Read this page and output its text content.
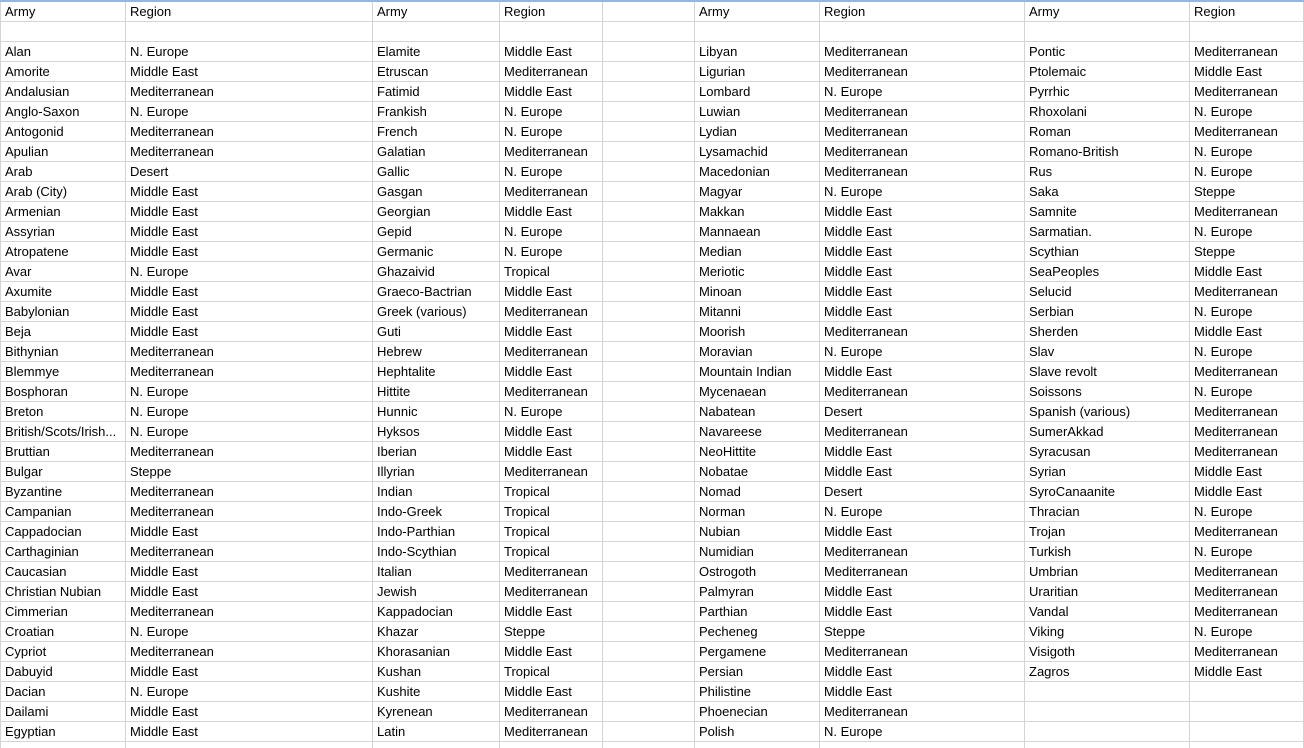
Army	Region	Army	Region	Army	Region	Army	Region
Alan	N. Europe	Elamite	Middle East	Libyan	Mediterranean	Pontic	Mediterranean
Amorite	Middle East	Etruscan	Mediterranean	Ligurian	Mediterranean	Ptolemaic	Middle East
Andalusian	Mediterranean	Fatimid	Middle East	Lombard	N. Europe	Pyrrhic	Mediterranean
Anglo-Saxon	N. Europe	Frankish	N. Europe	Luwian	Mediterranean	Rhoxolani	N. Europe
Antogonid	Mediterranean	French	N. Europe	Lydian	Mediterranean	Roman	Mediterranean
Apulian	Mediterranean	Galatian	Mediterranean	Lysamachid	Mediterranean	Romano-British	N. Europe
Arab	Desert	Gallic	N. Europe	Macedonian	Mediterranean	Rus	N. Europe
Arab (City)	Middle East	Gasgan	Mediterranean	Magyar	N. Europe	Saka	Steppe
Armenian	Middle East	Georgian	Middle East	Makkan	Middle East	Samnite	Mediterranean
Assyrian	Middle East	Gepid	N. Europe	Mannaean	Middle East	Sarmatian.	N. Europe
Atropatene	Middle East	Germanic	N. Europe	Median	Middle East	Scythian	Steppe
Avar	N. Europe	Ghazaivid	Tropical	Meriotic	Middle East	SeaPeoples	Middle East
Axumite	Middle East	Graeco-Bactrian	Middle East	Minoan	Middle East	Selucid	Mediterranean
Babylonian	Middle East	Greek (various)	Mediterranean	Mitanni	Middle East	Serbian	N. Europe
Beja	Middle East	Guti	Middle East	Moorish	Mediterranean	Sherden	Middle East
Bithynian	Mediterranean	Hebrew	Mediterranean	Moravian	N. Europe	Slav	N. Europe
Blemmye	Mediterranean	Hephtalite	Middle East	Mountain Indian	Middle East	Slave revolt	Mediterranean
Bosphoran	N. Europe	Hittite	Mediterranean	Mycenaean	Mediterranean	Soissons	N. Europe
Breton	N. Europe	Hunnic	N. Europe	Nabatean	Desert	Spanish (various)	Mediterranean
British/Scots/Irish...	N. Europe	Hyksos	Middle East	Navareese	Mediterranean	SumerAkkad	Mediterranean
Bruttian	Mediterranean	Iberian	Middle East	NeoHittite	Middle East	Syracusan	Mediterranean
Bulgar	Steppe	Illyrian	Mediterranean	Nobatae	Middle East	Syrian	Middle East
Byzantine	Mediterranean	Indian	Tropical	Nomad	Desert	SyroCanaanite	Middle East
Campanian	Mediterranean	Indo-Greek	Tropical	Norman	N. Europe	Thracian	N. Europe
Cappadocian	Middle East	Indo-Parthian	Tropical	Nubian	Middle East	Trojan	Mediterranean
Carthaginian	Mediterranean	Indo-Scythian	Tropical	Numidian	Mediterranean	Turkish	N. Europe
Caucasian	Middle East	Italian	Mediterranean	Ostrogoth	Mediterranean	Umbrian	Mediterranean
Christian Nubian	Middle East	Jewish	Mediterranean	Palmyran	Middle East	Uraritian	Mediterranean
Cimmerian	Mediterranean	Kappadocian	Middle East	Parthian	Middle East	Vandal	Mediterranean
Croatian	N. Europe	Khazar	Steppe	Pecheneg	Steppe	Viking	N. Europe
Cypriot	Mediterranean	Khorasanian	Middle East	Pergamene	Mediterranean	Visigoth	Mediterranean
Dabuyid	Middle East	Kushan	Tropical	Persian	Middle East	Zagros	Middle East
Dacian	N. Europe	Kushite	Middle East	Philistine	Middle East
Dailami	Middle East	Kyrenean	Mediterranean	Phoenecian	Mediterranean
Egyptian	Middle East	Latin	Mediterranean	Polish	N. Europe
